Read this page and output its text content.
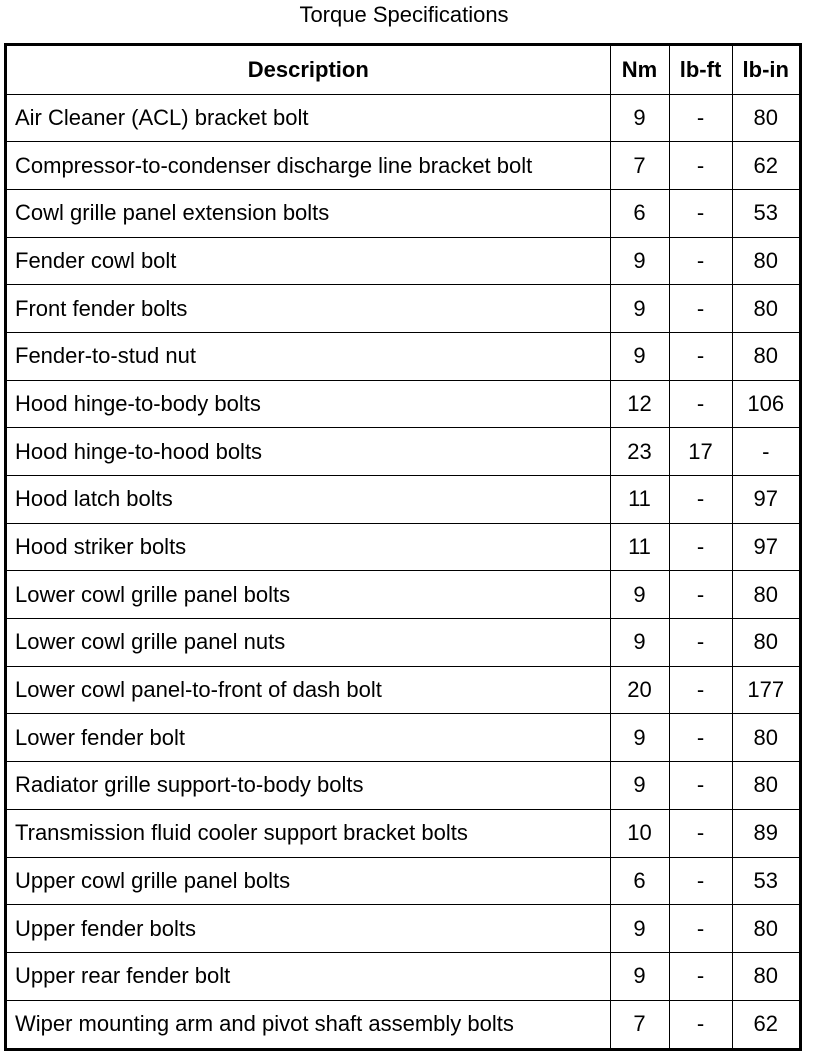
Torque Specifications
Description	Nm	lb-ft	lb-in
Air Cleaner (ACL) bracket bolt	9	-	80
Compressor-to-condenser discharge line bracket bolt	7	-	62
Cowl grille panel extension bolts	6	-	53
Fender cowl bolt	9	-	80
Front fender bolts	9	-	80
Fender-to-stud nut	9	-	80
Hood hinge-to-body bolts	12	-	106
Hood hinge-to-hood bolts	23	17	-
Hood latch bolts	11	-	97
Hood striker bolts	11	-	97
Lower cowl grille panel bolts	9	-	80
Lower cowl grille panel nuts	9	-	80
Lower cowl panel-to-front of dash bolt	20	-	177
Lower fender bolt	9	-	80
Radiator grille support-to-body bolts	9	-	80
Transmission fluid cooler support bracket bolts	10	-	89
Upper cowl grille panel bolts	6	-	53
Upper fender bolts	9	-	80
Upper rear fender bolt	9	-	80
Wiper mounting arm and pivot shaft assembly bolts	7	-	62
